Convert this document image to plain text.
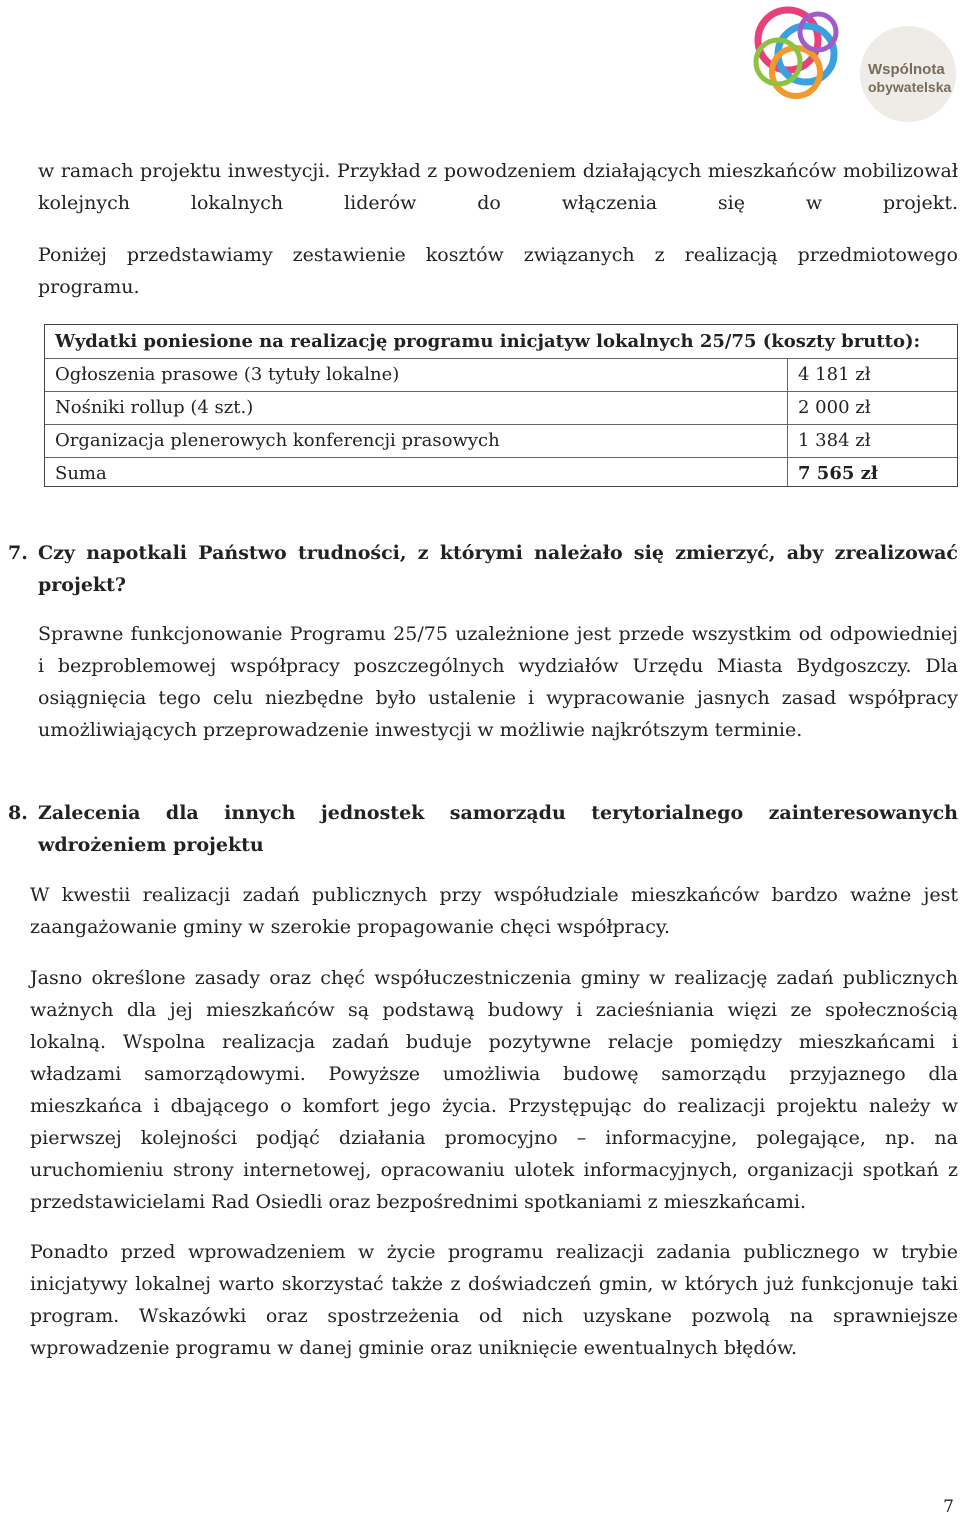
Wspólnota
obywatelska

w ramach projektu inwestycji. Przykład z powodzeniem działających mieszkańców mobilizował kolejnych lokalnych liderów do włączenia się w projekt.

Poniżej przedstawiamy zestawienie kosztów związanych z realizacją przedmiotowego programu.

Wydatki poniesione na realizację programu inicjatyw lokalnych 25/75 (koszty brutto):
Ogłoszenia prasowe (3 tytuły lokalne)	4 181 zł
Nośniki rollup (4 szt.)	2 000 zł
Organizacja plenerowych konferencji prasowych	1 384 zł
Suma	7 565 zł
7. Czy napotkali Państwo trudności, z którymi należało się zmierzyć, aby zrealizować projekt?

Sprawne funkcjonowanie Programu 25/75 uzależnione jest przede wszystkim od odpowiedniej i bezproblemowej współpracy poszczególnych wydziałów Urzędu Miasta Bydgoszczy. Dla osiągnięcia tego celu niezbędne było ustalenie i wypracowanie jasnych zasad współpracy umożliwiających przeprowadzenie inwestycji w możliwie najkrótszym terminie.

8. Zalecenia dla innych jednostek samorządu terytorialnego zainteresowanych wdrożeniem projektu

W kwestii realizacji zadań publicznych przy współudziale mieszkańców bardzo ważne jest zaangażowanie gminy w szerokie propagowanie chęci współpracy.

Jasno określone zasady oraz chęć współuczestniczenia gminy w realizację zadań publicznych ważnych dla jej mieszkańców są podstawą budowy i zacieśniania więzi ze społecznością lokalną. Wspolna realizacja zadań buduje pozytywne relacje pomiędzy mieszkańcami i władzami samorządowymi. Powyższe umożliwia budowę samorządu przyjaznego dla mieszkańca i dbającego o komfort jego życia. Przystępując do realizacji projektu należy w pierwszej kolejności podjąć działania promocyjno – informacyjne, polegające, np. na uruchomieniu strony internetowej, opracowaniu ulotek informacyjnych, organizacji spotkań z przedstawicielami Rad Osiedli oraz bezpośrednimi spotkaniami z mieszkańcami.

Ponadto przed wprowadzeniem w życie programu realizacji zadania publicznego w trybie inicjatywy lokalnej warto skorzystać także z doświadczeń gmin, w których już funkcjonuje taki program. Wskazówki oraz spostrzeżenia od nich uzyskane pozwolą na sprawniejsze wprowadzenie programu w danej gminie oraz uniknięcie ewentualnych błędów.

7
